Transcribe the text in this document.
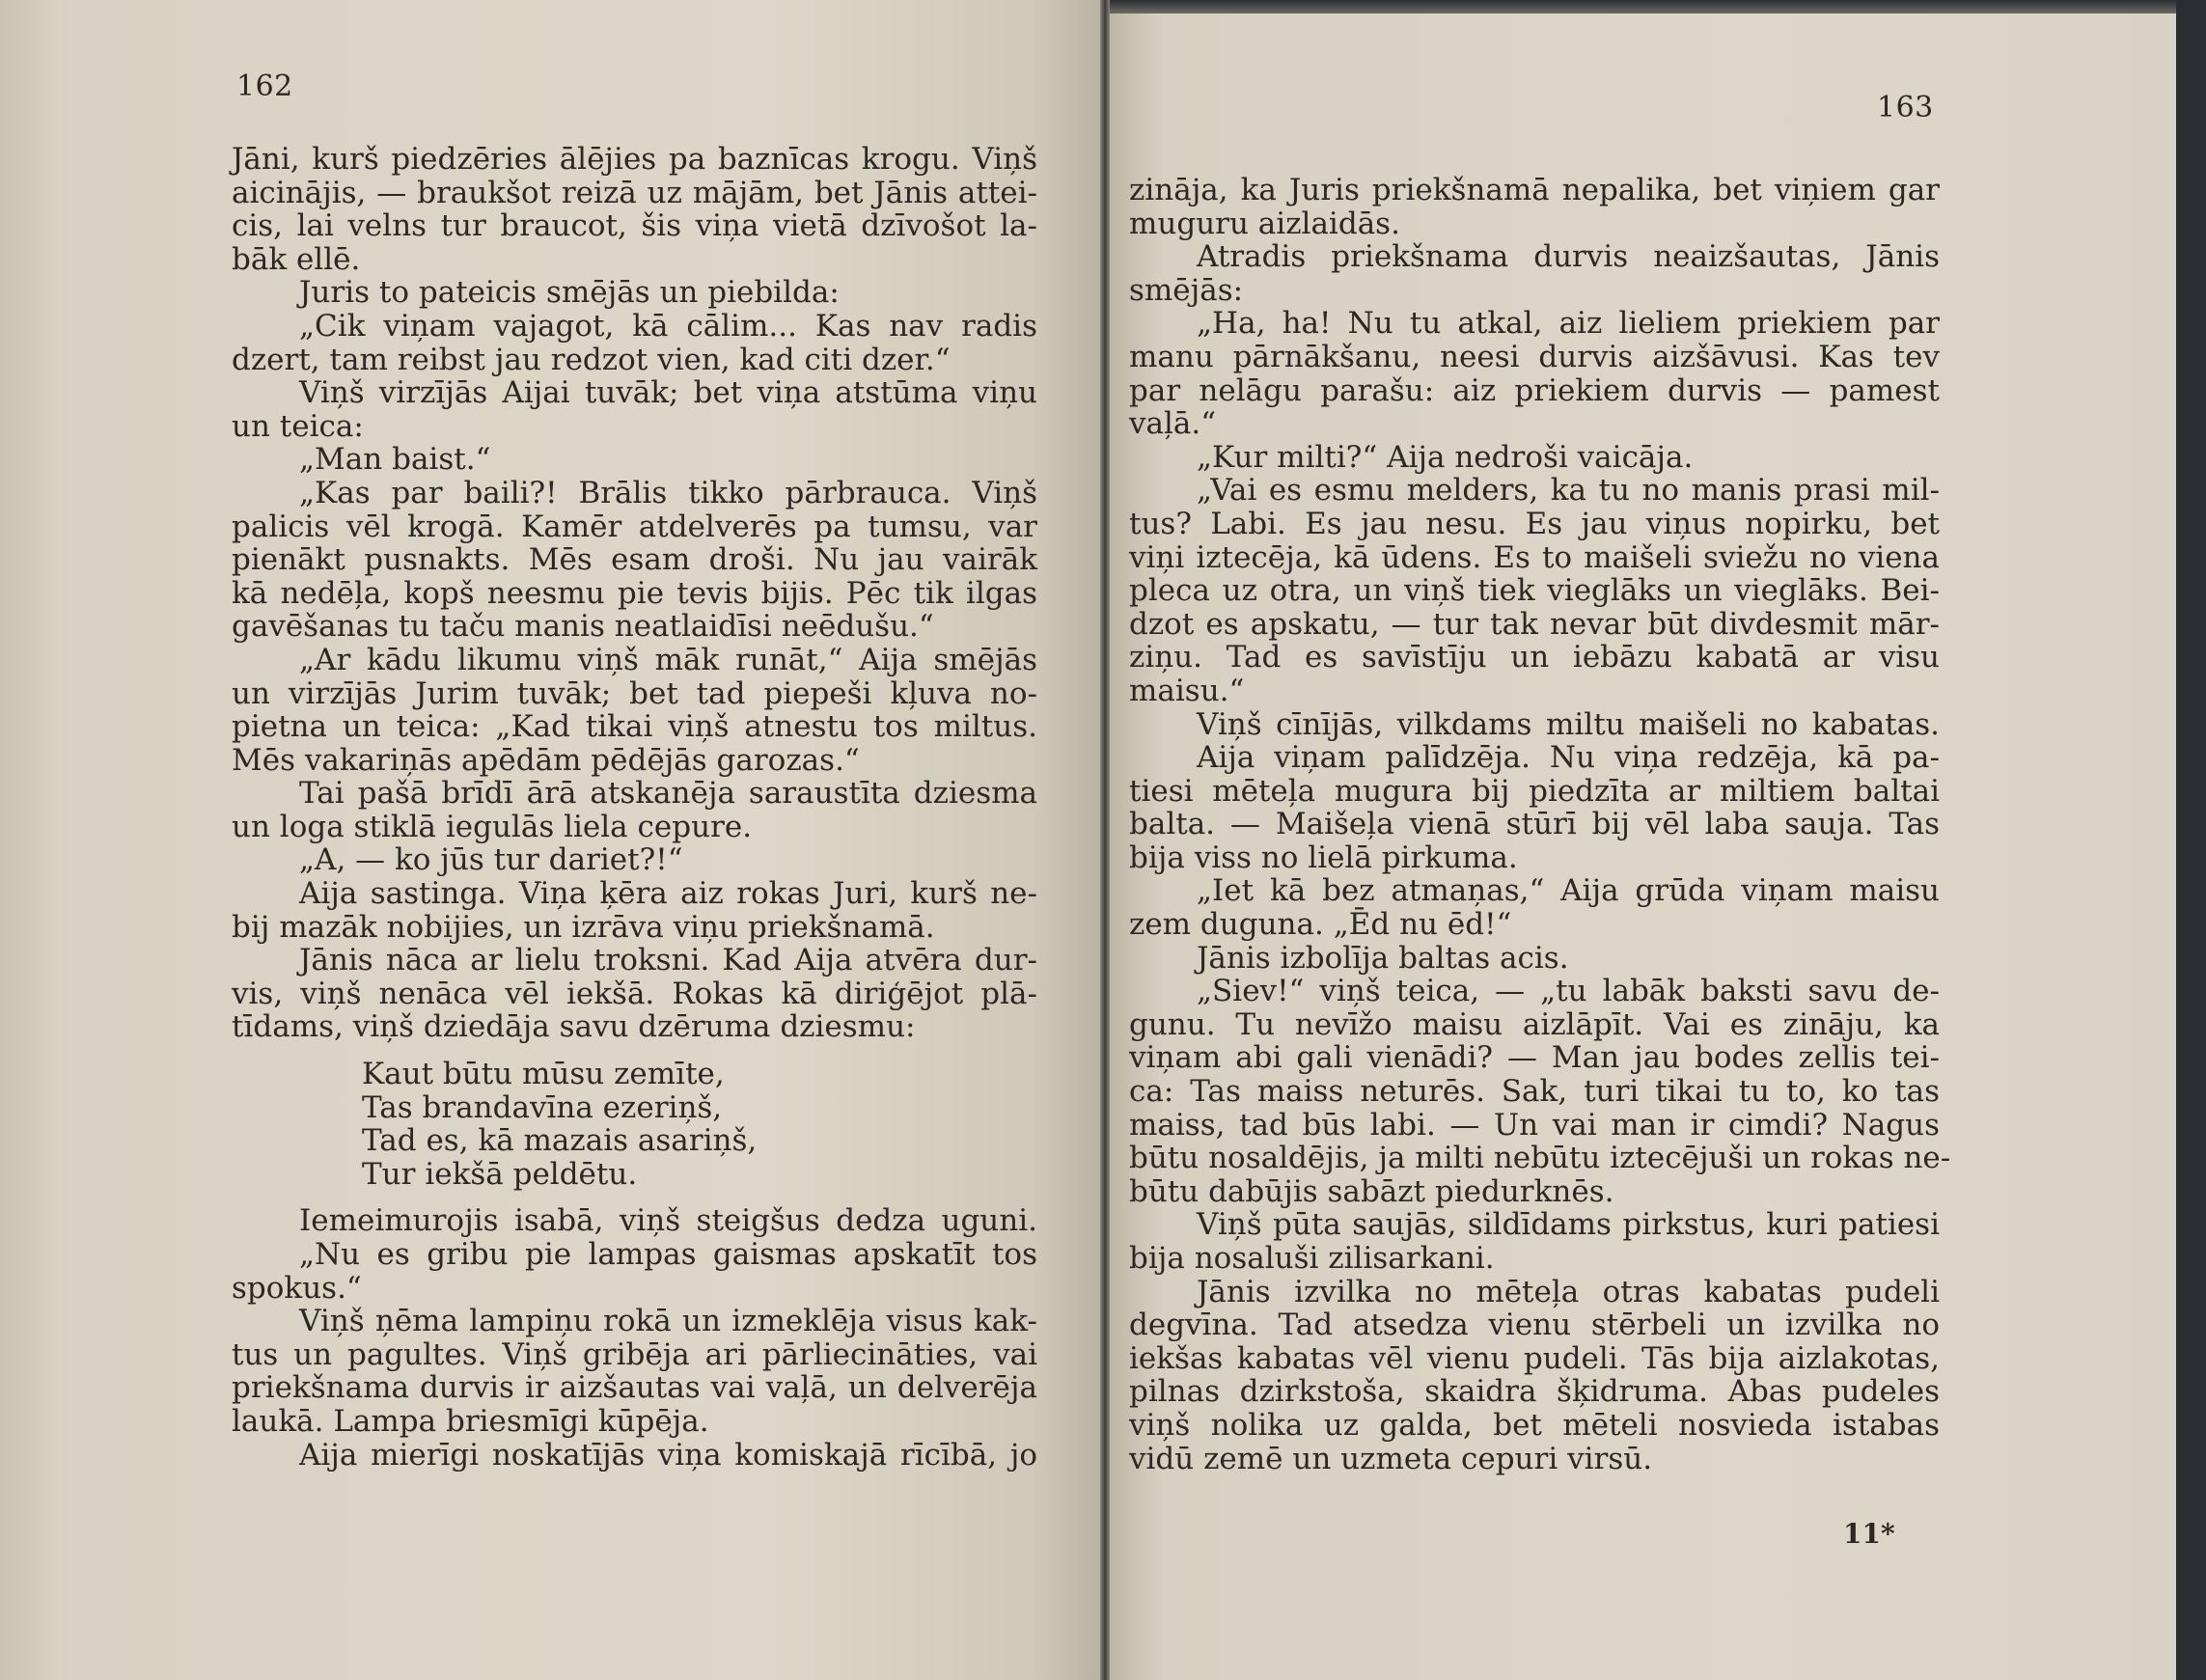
162
Jāni, kurš piedzēries ālējies pa baznīcas krogu. Viņš
aicinājis, — braukšot reizā uz mājām, bet Jānis attei-
cis, lai velns tur braucot, šis viņa vietā dzīvošot la-
bāk ellē.
Juris to pateicis smējās un piebilda:
„Cik viņam vajagot, kā cālim... Kas nav radis
dzert, tam reibst jau redzot vien, kad citi dzer.“
Viņš virzījās Aijai tuvāk; bet viņa atstūma viņu
un teica:
„Man baist.“
„Kas par baili?! Brālis tikko pārbrauca. Viņš
palicis vēl krogā. Kamēr atdelverēs pa tumsu, var
pienākt pusnakts. Mēs esam droši. Nu jau vairāk
kā nedēļa, kopš neesmu pie tevis bijis. Pēc tik ilgas
gavēšanas tu taču manis neatlaidīsi neēdušu.“
„Ar kādu likumu viņš māk runāt,“ Aija smējās
un virzījās Jurim tuvāk; bet tad piepeši kļuva no-
pietna un teica: „Kad tikai viņš atnestu tos miltus.
Mēs vakariņās apēdām pēdējās garozas.“
Tai pašā brīdī ārā atskanēja saraustīta dziesma
un loga stiklā iegulās liela cepure.
„A, — ko jūs tur dariet?!“
Aija sastinga. Viņa ķēra aiz rokas Juri, kurš ne-
bij mazāk nobijies, un izrāva viņu priekšnamā.
Jānis nāca ar lielu troksni. Kad Aija atvēra dur-
vis, viņš nenāca vēl iekšā. Rokas kā diriģējot plā-
tīdams, viņš dziedāja savu dzēruma dziesmu:
Kaut būtu mūsu zemīte,
Tas brandavīna ezeriņš,
Tad es, kā mazais asariņš,
Tur iekšā peldētu.
Iemeimurojis isabā, viņš steigšus dedza uguni.
„Nu es gribu pie lampas gaismas apskatīt tos
spokus.“
Viņš ņēma lampiņu rokā un izmeklēja visus kak-
tus un pagultes. Viņš gribēja ari pārliecināties, vai
priekšnama durvis ir aizšautas vai vaļā, un delverēja
laukā. Lampa briesmīgi kūpēja.
Aija mierīgi noskatījās viņa komiskajā rīcībā, jo
163
zināja, ka Juris priekšnamā nepalika, bet viņiem gar
muguru aizlaidās.
Atradis priekšnama durvis neaizšautas, Jānis
smējās:
„Ha, ha! Nu tu atkal, aiz lieliem priekiem par
manu pārnākšanu, neesi durvis aizšāvusi. Kas tev
par nelāgu parašu: aiz priekiem durvis — pamest
vaļā.“
„Kur milti?“ Aija nedroši vaicāja.
„Vai es esmu melders, ka tu no manis prasi mil-
tus? Labi. Es jau nesu. Es jau viņus nopirku, bet
viņi iztecēja, kā ūdens. Es to maišeli sviežu no viena
pleca uz otra, un viņš tiek vieglāks un vieglāks. Bei-
dzot es apskatu, — tur tak nevar būt divdesmit mār-
ziņu. Tad es savīstīju un iebāzu kabatā ar visu
maisu.“
Viņš cīnījās, vilkdams miltu maišeli no kabatas.
Aija viņam palīdzēja. Nu viņa redzēja, kā pa-
tiesi mēteļa mugura bij piedzīta ar miltiem baltai
balta. — Maišeļa vienā stūrī bij vēl laba sauja. Tas
bija viss no lielā pirkuma.
„Iet kā bez atmaņas,“ Aija grūda viņam maisu
zem duguna. „Ēd nu ēd!“
Jānis izbolīja baltas acis.
„Siev!“ viņš teica, — „tu labāk baksti savu de-
gunu. Tu nevīžo maisu aizlāpīt. Vai es zināju, ka
viņam abi gali vienādi? — Man jau bodes zellis tei-
ca: Tas maiss neturēs. Sak, turi tikai tu to, ko tas
maiss, tad būs labi. — Un vai man ir cimdi? Nagus
būtu nosaldējis, ja milti nebūtu iztecējuši un rokas ne-
būtu dabūjis sabāzt piedurknēs.
Viņš pūta saujās, sildīdams pirkstus, kuri patiesi
bija nosaluši zilisarkani.
Jānis izvilka no mēteļa otras kabatas pudeli
degvīna. Tad atsedza vienu stērbeli un izvilka no
iekšas kabatas vēl vienu pudeli. Tās bija aizlakotas,
pilnas dzirkstoša, skaidra šķidruma. Abas pudeles
viņš nolika uz galda, bet mēteli nosvieda istabas
vidū zemē un uzmeta cepuri virsū.
11*
